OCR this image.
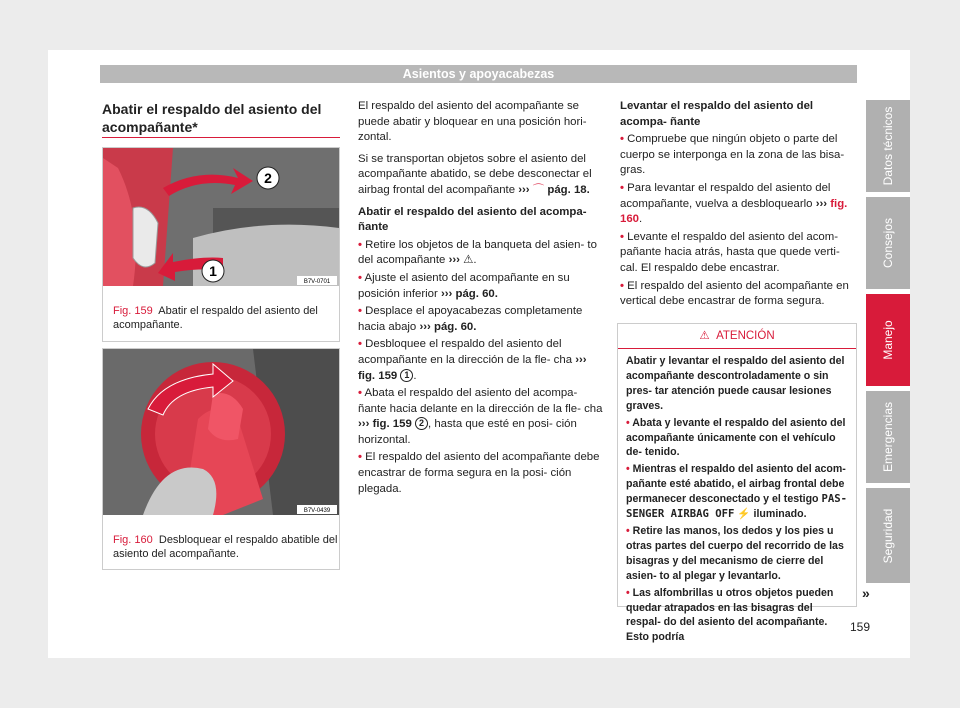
Asientos y apoyacabezas
Datos técnicos
Consejos
Manejo
Emergencias
Seguridad
Abatir el respaldo del asiento del
acompañante*
2
1
B7V-0701
Fig. 159 Abatir el respaldo del asiento del
acompañante.
B7V-0439
Fig. 160 Desbloquear el respaldo abatible del
asiento del acompañante.

El respaldo del asiento del acompañante se puede abatir y bloquear en una posición hori- zontal.

Si se transportan objetos sobre el asiento del acompañante abatido, se debe desconectar el airbag frontal del acompañante ››› ⌒ pág. 18.

Abatir el respaldo del asiento del acompa- ñante

• Retire los objetos de la banqueta del asien- to del acompañante ››› ⚠.

• Ajuste el asiento del acompañante en su posición inferior ››› pág. 60.

• Desplace el apoyacabezas completamente hacia abajo ››› pág. 60.

• Desbloquee el respaldo del asiento del acompañante en la dirección de la fle- cha ››› fig. 159 1 .

• Abata el respaldo del asiento del acompa- ñante hacia delante en la dirección de la fle- cha ››› fig. 159 2 , hasta que esté en posi- ción horizontal.

• El respaldo del asiento del acompañante debe encastrar de forma segura en la posi- ción plegada.

Levantar el respaldo del asiento del acompa- ñante

• Compruebe que ningún objeto o parte del cuerpo se interponga en la zona de las bisa- gras.

• Para levantar el respaldo del asiento del acompañante, vuelva a desbloquearlo ››› fig. 160.

• Levante el respaldo del asiento del acom- pañante hacia atrás, hasta que quede verti- cal. El respaldo debe encastrar.

• El respaldo del asiento del acompañante en vertical debe encastrar de forma segura.

⚠ ATENCIÓN

Abatir y levantar el respaldo del asiento del acompañante descontroladamente o sin pres- tar atención puede causar lesiones graves.

• Abata y levante el respaldo del asiento del acompañante únicamente con el vehículo de- tenido.

• Mientras el respaldo del asiento del acom- pañante esté abatido, el airbag frontal debe permanecer desconectado y el testigo PAS- SENGER AIRBAG OFF ⚡ iluminado.

• Retire las manos, los dedos y los pies u otras partes del cuerpo del recorrido de las bisagras y del mecanismo de cierre del asien- to al plegar y levantarlo.

• Las alfombrillas u otros objetos pueden quedar atrapados en las bisagras del respal- do del asiento del acompañante. Esto podría

»
159
